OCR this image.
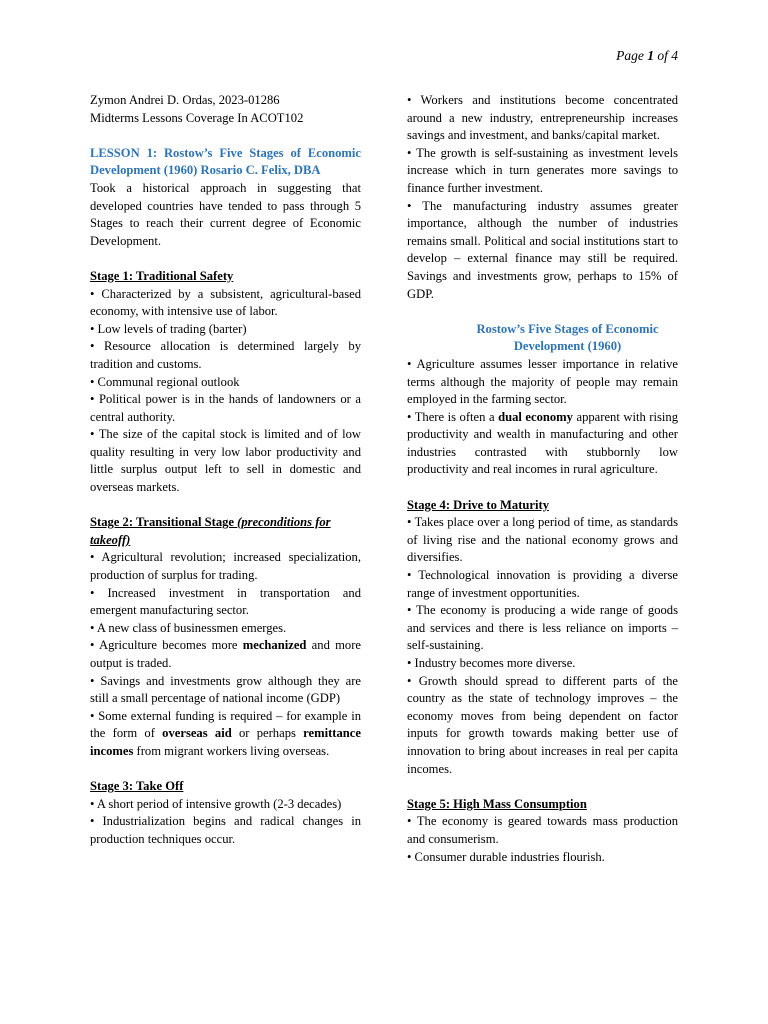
Page 1 of 4

Zymon Andrei D. Ordas, 2023-01286

Midterms Lessons Coverage In ACOT102

LESSON 1: Rostow’s Five Stages of Economic Development (1960) Rosario C. Felix, DBA

Took a historical approach in suggesting that developed countries have tended to pass through 5 Stages to reach their current degree of Economic Development.

Stage 1: Traditional Safety

• Characterized by a subsistent, agricultural-based economy, with intensive use of labor.

• Low levels of trading (barter)

• Resource allocation is determined largely by tradition and customs.

• Communal regional outlook

• Political power is in the hands of landowners or a central authority.

• The size of the capital stock is limited and of low quality resulting in very low labor productivity and little surplus output left to sell in domestic and overseas markets.

Stage 2: Transitional Stage (preconditions for takeoff)

• Agricultural revolution; increased specialization, production of surplus for trading.

• Increased investment in transportation and emergent manufacturing sector.

• A new class of businessmen emerges.

• Agriculture becomes more mechanized and more output is traded.

• Savings and investments grow although they are still a small percentage of national income (GDP)

• Some external funding is required – for example in the form of overseas aid or perhaps remittance incomes from migrant workers living overseas.

Stage 3: Take Off

• A short period of intensive growth (2-3 decades)

• Industrialization begins and radical changes in production techniques occur.

• Workers and institutions become concentrated around a new industry, entrepreneurship increases savings and investment, and banks/capital market.

• The growth is self-sustaining as investment levels increase which in turn generates more savings to finance further investment.

• The manufacturing industry assumes greater importance, although the number of industries remains small. Political and social institutions start to develop – external finance may still be required. Savings and investments grow, perhaps to 15% of GDP.

Rostow’s Five Stages of Economic Development (1960)

• Agriculture assumes lesser importance in relative terms although the majority of people may remain employed in the farming sector.

• There is often a dual economy apparent with rising productivity and wealth in manufacturing and other industries contrasted with stubbornly low productivity and real incomes in rural agriculture.

Stage 4: Drive to Maturity

• Takes place over a long period of time, as standards of living rise and the national economy grows and diversifies.

• Technological innovation is providing a diverse range of investment opportunities.

• The economy is producing a wide range of goods and services and there is less reliance on imports – self-sustaining.

• Industry becomes more diverse.

• Growth should spread to different parts of the country as the state of technology improves – the economy moves from being dependent on factor inputs for growth towards making better use of innovation to bring about increases in real per capita incomes.

Stage 5: High Mass Consumption

• The economy is geared towards mass production and consumerism.

• Consumer durable industries flourish.
